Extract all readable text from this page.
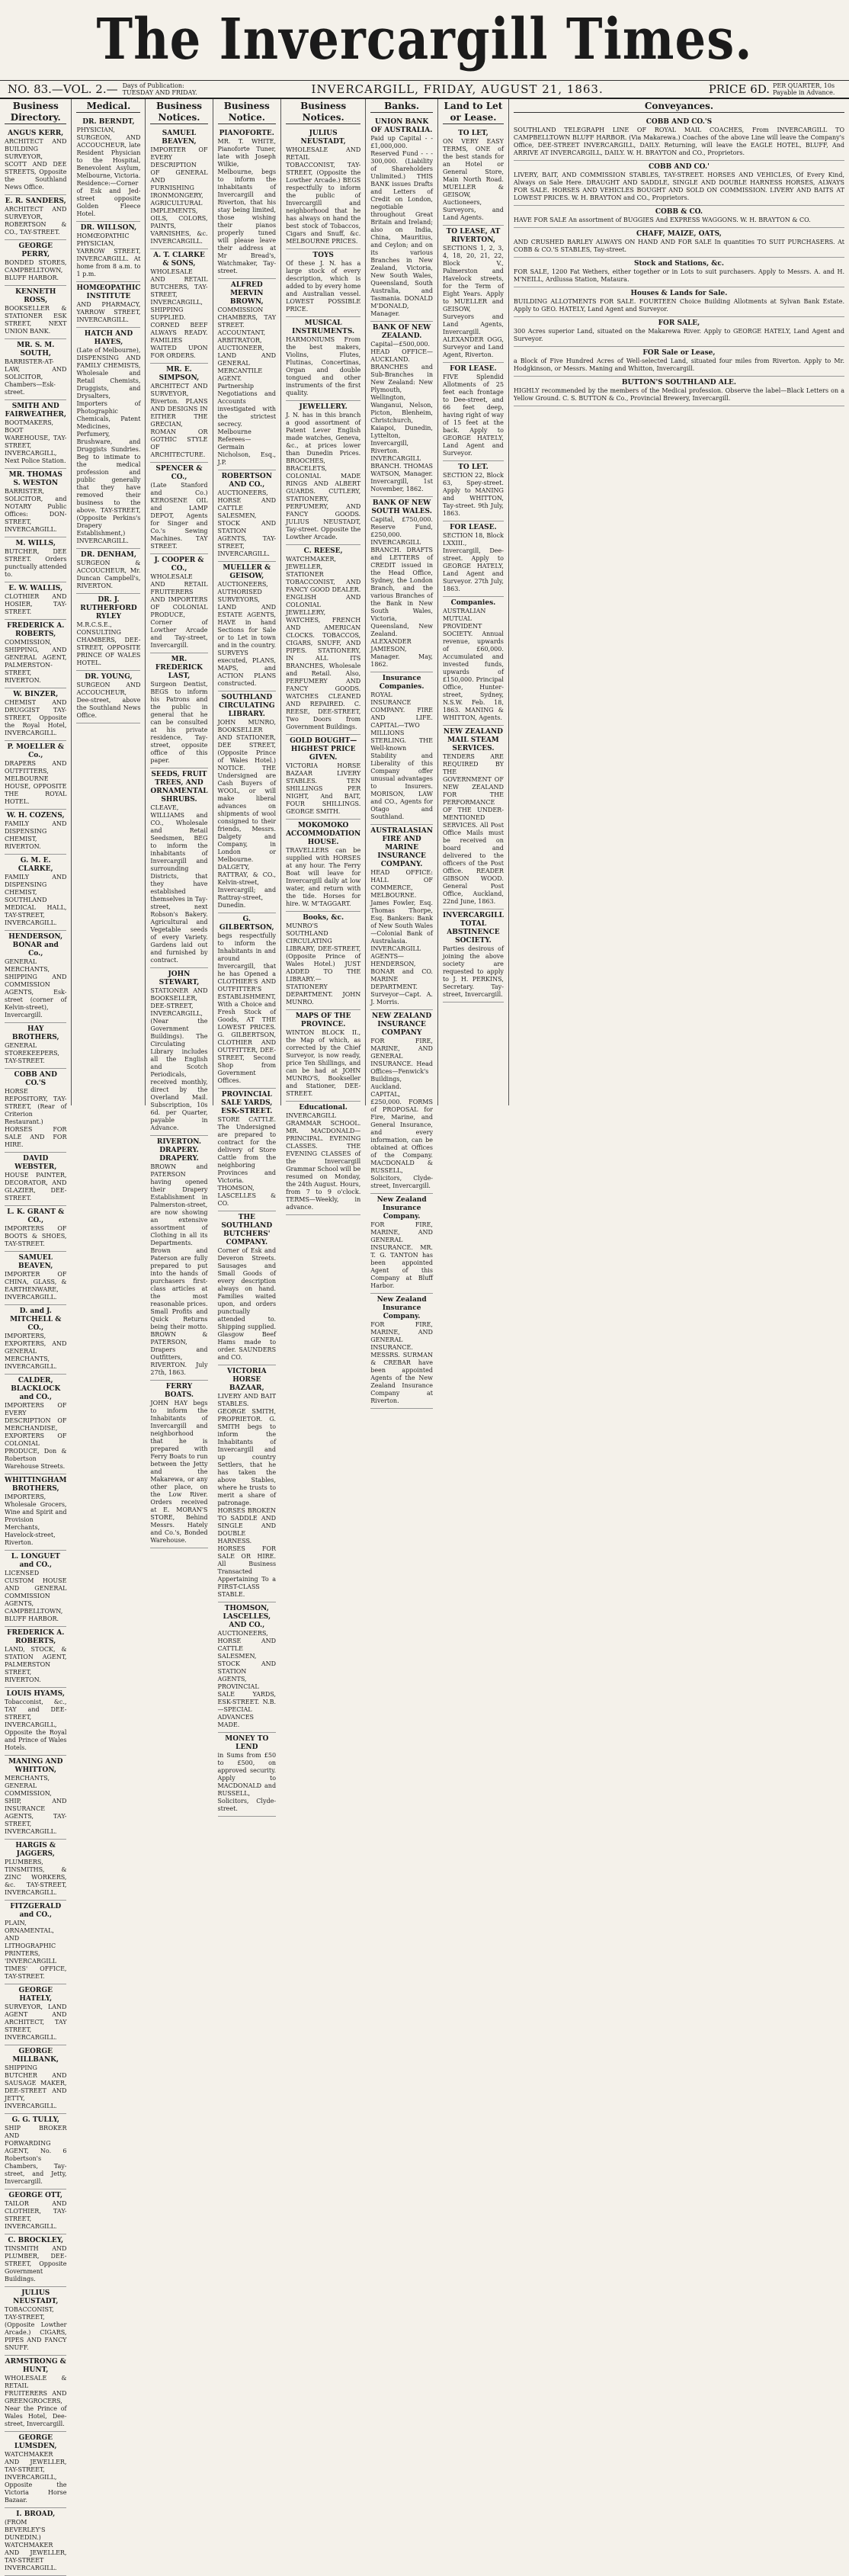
The Invercargill Times.
NO. 83.—VOL. 2.— Days of Publication: TUESDAY AND FRIDAY.	INVERCARGILL, FRIDAY, AUGUST 21, 1863.	PRICE 6D. PER QUARTER, 10s Payable in Advance.
Business Directory.
ANGUS KERR,
ARCHITECT AND BUILDING SURVEYOR, SCOTT AND DEE STREETS, Opposite the Southland News Office.
E. R. SANDERS,
ARCHITECT AND SURVEYOR, ROBERTSON & CO., TAY-STREET.
GEORGE PERRY,
BONDED STORES, CAMPBELLTOWN, BLUFF HARBOR.
KENNETH ROSS,
BOOKSELLER & STATIONER ESK STREET, NEXT UNION BANK.
MR. S. M. SOUTH,
BARRISTER-AT-LAW, AND SOLICITOR, Chambers—Esk-street.
SMITH AND FAIRWEATHER,
BOOTMAKERS, BOOT WAREHOUSE, TAY-STREET, INVERCARGILL, Next Police Station.
MR. THOMAS S. WESTON
BARRISTER, SOLICITOR, and NOTARY Public Offices: DON-STREET, INVERCARGILL.
M. WILLS,
BUTCHER, DEE STREET. Orders punctually attended to.
E. W. WALLIS,
CLOTHIER AND HOSIER, TAY-STREET.
FREDERICK A. ROBERTS,
COMMISSION, SHIPPING, AND GENERAL AGENT, PALMERSTON-STREET, RIVERTON.
W. BINZER,
CHEMIST AND DRUGGIST TAY-STREET, Opposite the Royal Hotel, INVERCARGILL.
P. MOELLER & Co.,
DRAPERS AND OUTFITTERS, MELBOURNE HOUSE, OPPOSITE THE ROYAL HOTEL.
W. H. COZENS,
FAMILY AND DISPENSING CHEMIST, RIVERTON.
G. M. E. CLARKE,
FAMILY AND DISPENSING CHEMIST, SOUTHLAND MEDICAL HALL, TAY-STREET, INVERCARGILL.
HENDERSON, BONAR and Co.,
GENERAL MERCHANTS, SHIPPING AND COMMISSION AGENTS, Esk-street (corner of Kelvin-street), Invercargill.
HAY BROTHERS,
GENERAL STOREKEEPERS, TAY-STREET.
COBB AND CO.'S
HORSE REPOSITORY, TAY-STREET, (Rear of Criterion Restaurant.) HORSES FOR SALE AND FOR HIRE.
DAVID WEBSTER,
HOUSE PAINTER, DECORATOR, AND GLAZIER, DEE-STREET.
L. K. GRANT & CO.,
IMPORTERS OF BOOTS & SHOES, TAY-STREET.
SAMUEL BEAVEN,
IMPORTER OF CHINA, GLASS, & EARTHENWARE, INVERCARGILL.
D. and J. MITCHELL & CO.,
IMPORTERS, EXPORTERS, AND GENERAL MERCHANTS, INVERCARGILL.
CALDER, BLACKLOCK and CO.,
IMPORTERS OF EVERY DESCRIPTION OF MERCHANDISE, EXPORTERS OF COLONIAL PRODUCE, Don & Robertson Warehouse Streets.
WHITTINGHAM BROTHERS,
IMPORTERS, Wholesale Grocers, Wine and Spirit and Provision Merchants, Havelock-street, Riverton.
L. LONGUET and CO.,
LICENSED CUSTOM HOUSE AND GENERAL COMMISSION AGENTS, CAMPBELLTOWN, BLUFF HARBOR.
FREDERICK A. ROBERTS,
LAND, STOCK, & STATION AGENT, PALMERSTON STREET, RIVERTON.
LOUIS HYAMS,
Tobacconist, &c., TAY and DEE-STREET, INVERCARGILL, Opposite the Royal and Prince of Wales Hotels.
MANING AND WHITTON,
MERCHANTS, GENERAL COMMISSION, SHIP, AND INSURANCE AGENTS, TAY-STREET, INVERCARGILL.
HARGIS & JAGGERS,
PLUMBERS, TINSMITHS, & ZINC WORKERS, &c. TAY-STREET, INVERCARGILL.
FITZGERALD and CO.,
PLAIN, ORNAMENTAL, AND LITHOGRAPHIC PRINTERS, 'INVERCARGILL TIMES' OFFICE, TAY-STREET.
GEORGE HATELY,
SURVEYOR, LAND AGENT AND ARCHITECT, TAY STREET, INVERCARGILL.
GEORGE MILLBANK,
SHIPPING BUTCHER AND SAUSAGE MAKER, DEE-STREET AND JETTY, INVERCARGILL.
G. G. TULLY,
SHIP BROKER AND FORWARDING AGENT, No. 6 Robertson's Chambers, Tay-street, and Jetty, Invercargill.
GEORGE OTT,
TAILOR AND CLOTHIER, TAY-STREET, INVERCARGILL.
C. BROCKLEY,
TINSMITH AND PLUMBER, DEE-STREET, Opposite Government Buildings.
JULIUS NEUSTADT,
TOBACCONIST, TAY-STREET, (Opposite Lowther Arcade.) CIGARS, PIPES AND FANCY SNUFF.
ARMSTRONG & HUNT,
WHOLESALE & RETAIL FRUITERERS AND GREENGROCERS, Near the Prince of Wales Hotel, Dee-street, Invercargill.
GEORGE LUMSDEN,
WATCHMAKER AND JEWELLER, TAY-STREET, INVERCARGILL, Opposite the Victoria Horse Bazaar.
I. BROAD,
(FROM BEVERLEY'S DUNEDIN.) WATCHMAKER AND JEWELLER, TAY-STREET INVERCARGILL.
Medical.
DR. BERNDT,
PHYSICIAN, SURGEON, AND ACCOUCHEUR, late Resident Physician to the Hospital, Benevolent Asylum, Melbourne, Victoria. Residence:—Corner of Esk and Jed-street opposite Golden Fleece Hotel.
DR. WILLSON,
HOMŒOPATHIC PHYSICIAN, YARROW STREET, INVERCARGILL. At home from 8 a.m. to 1 p.m.
HOMŒOPATHIC INSTITUTE
AND PHARMACY, YARROW STREET, INVERCARGILL.
HATCH AND HAYES,
(Late of Melbourne), DISPENSING AND FAMILY CHEMISTS, Wholesale and Retail Chemists, Druggists, and Drysalters, Importers of Photographic Chemicals, Patent Medicines, Perfumery, Brushware, and Druggists Sundries. Beg to intimate to the medical profession and public generally that they have removed their business to the above. TAY-STREET, (Opposite Perkins's Drapery Establishment,) INVERCARGILL.
DR. DENHAM,
SURGEON & ACCOUCHEUR, Mr. Duncan Campbell's, RIVERTON.
DR. J. RUTHERFORD RYLEY
M.R.C.S.E., CONSULTING CHAMBERS, DEE-STREET, OPPOSITE PRINCE OF WALES HOTEL.
DR. YOUNG,
SURGEON AND ACCOUCHEUR, Dee-street, above the Southland News Office.
Business Notices.
SAMUEL BEAVEN,
IMPORTER OF EVERY DESCRIPTION OF GENERAL AND FURNISHING IRONMONGERY, AGRICULTURAL IMPLEMENTS, OILS, COLORS, PAINTS, VARNISHES, &c. INVERCARGILL.
A. T. CLARKE & SONS,
WHOLESALE AND RETAIL BUTCHERS, TAY-STREET, INVERCARGILL, SHIPPING SUPPLIED. CORNED BEEF ALWAYS READY. FAMILIES WAITED UPON FOR ORDERS.
MR. E. SIMPSON,
ARCHITECT AND SURVEYOR, Riverton. PLANS AND DESIGNS IN EITHER THE GRECIAN, ROMAN OR GOTHIC STYLE OF ARCHITECTURE.
SPENCER & CO.,
(Late Stanford and Co.) KEROSENE OIL and LAMP DEPOT, Agents for Singer and Co.'s Sewing Machines. TAY STREET.
J. COOPER & CO.,
WHOLESALE AND RETAIL FRUITERERS AND IMPORTERS OF COLONIAL PRODUCE, Corner of Lowther Arcade and Tay-street, Invercargill.
MR. FREDERICK LAST,
Surgeon Dentist, BEGS to inform his Patrons and the public in general that he can be consulted at his private residence, Tay-street, opposite office of this paper.
SEEDS, FRUIT TREES, AND ORNAMENTAL SHRUBS.
CLEAVE, WILLIAMS and CO., Wholesale and Retail Seedsmen, BEG to inform the inhabitants of Invercargill and surrounding Districts, that they have established themselves in Tay-street, next Robson's Bakery. Agricultural and Vegetable seeds of every Variety. Gardens laid out and furnished by contract.
JOHN STEWART,
STATIONER AND BOOKSELLER, DEE-STREET, INVERCARGILL, (Near the Government Buildings). The Circulating Library includes all the English and Scotch Periodicals, received monthly, direct by the Overland Mail. Subscription, 10s 6d. per Quarter, payable in Advance.
RIVERTON. DRAPERY. DRAPERY.
BROWN and PATERSON having opened their Drapery Establishment in Palmerston-street, are now showing an extensive assortment of Clothing in all its Departments. Brown and Paterson are fully prepared to put into the hands of purchasers first-class articles at the most reasonable prices. Small Profits and Quick Returns being their motto. BROWN & PATERSON, Drapers and Outfitters, RIVERTON. July 27th, 1863.
FERRY BOATS.
JOHN HAY begs to inform the Inhabitants of Invercargill and neighborhood that he is prepared with Ferry Boats to run between the Jetty and the Makarewa, or any other place, on the Low River. Orders received at E. MORAN'S STORE, Behind Messrs. Hately and Co.'s, Bonded Warehouse.
Business Notice.
PIANOFORTE.
MR. T. WHITE, Pianoforte Tuner, late with Joseph Wilkie, Melbourne, begs to inform the inhabitants of Invercargill and Riverton, that his stay being limited, those wishing their pianos properly tuned will please leave their address at Mr Bread's, Watchmaker, Tay-street.
ALFRED MERVIN BROWN,
COMMISSION CHAMBERS, TAY STREET. ACCOUNTANT, ARBITRATOR, AUCTIONEER, LAND AND GENERAL MERCANTILE AGENT. Partnership Negotiations and Accounts investigated with the strictest secrecy. Melbourne Referees—Germain Nicholson, Esq., J.P.
ROBERTSON AND CO.,
AUCTIONEERS, HORSE AND CATTLE SALESMEN, STOCK AND STATION AGENTS, TAY-STREET, INVERCARGILL.
MUELLER & GEISOW,
AUCTIONEERS, AUTHORISED SURVEYORS, LAND AND ESTATE AGENTS, HAVE in hand Sections for Sale or to Let in town and in the country. SURVEYS executed, PLANS, MAPS, and ACTION PLANS constructed.
SOUTHLAND CIRCULATING LIBRARY.
JOHN MUNRO, BOOKSELLER AND STATIONER, DEE STREET, (Opposite Prince of Wales Hotel.) NOTICE. THE Undersigned are Cash Buyers of WOOL, or will make liberal advances on shipments of wool consigned to their friends, Messrs. Dalgety and Company, in London or Melbourne. DALGETY, RATTRAY, & CO., Kelvin-street, Invercargill; and Rattray-street, Dunedin.
G. GILBERTSON,
begs respectfully to inform the Inhabitants in and around Invercargill, that he has Opened a CLOTHIER'S AND OUTFITTER'S ESTABLISHMENT, With a Choice and Fresh Stock of Goods, AT THE LOWEST PRICES. G. GILBERTSON, CLOTHIER AND OUTFITTER, DEE-STREET, Second Shop from Government Offices.
PROVINCIAL SALE YARDS, ESK-STREET.
STORE CATTLE. The Undersigned are prepared to contract for the delivery of Store Cattle from the neighboring Provinces and Victoria. THOMSON, LASCELLES & CO.
THE SOUTHLAND BUTCHERS' COMPANY.
Corner of Esk and Deveron Streets. Sausages and Small Goods of every description always on hand. Families waited upon, and orders punctually attended to. Shipping supplied. Glasgow Beef Hams made to order. SAUNDERS and CO.
VICTORIA HORSE BAZAAR,
LIVERY AND BAIT STABLES. GEORGE SMITH, PROPRIETOR. G. SMITH begs to inform the Inhabitants of Invercargill and up country Settlers, that he has taken the above Stables, where he trusts to merit a share of patronage. HORSES BROKEN TO SADDLE AND SINGLE AND DOUBLE HARNESS. HORSES FOR SALE OR HIRE. All Business Transacted Appertaining To a FIRST-CLASS STABLE.
THOMSON, LASCELLES, AND CO.,
AUCTIONEERS, HORSE AND CATTLE SALESMEN, STOCK AND STATION AGENTS, PROVINCIAL SALE YARDS, ESK-STREET. N.B.—SPECIAL ADVANCES MADE.
MONEY TO LEND
in Sums from £50 to £500, on approved security. Apply to MACDONALD and RUSSELL, Solicitors, Clyde-street.
Business Notices.
JULIUS NEUSTADT,
WHOLESALE AND RETAIL TOBACCONIST, TAY-STREET, (Opposite the Lowther Arcade.) BEGS respectfully to inform the public of Invercargill and neighborhood that he has always on hand the best stock of Tobaccos, Cigars and Snuff, &c. MELBOURNE PRICES.
TOYS
Of these J. N. has a large stock of every description, which is added to by every home and Australian vessel. LOWEST POSSIBLE PRICE.
MUSICAL INSTRUMENTS.
HARMONIUMS From the best makers, Violins, Flutes, Flutinas, Concertinas, Organ and double tongued and other instruments of the first quality.
JEWELLERY.
J. N. has in this branch a good assortment of Patent Lever English made watches, Geneva, &c., at prices lower than Dunedin Prices. BROOCHES, BRACELETS, COLONIAL MADE RINGS AND ALBERT GUARDS. CUTLERY, STATIONERY, PERFUMERY, AND FANCY GOODS. JULIUS NEUSTADT, Tay-street. Opposite the Lowther Arcade.
C. REESE,
WATCHMAKER, JEWELLER, STATIONER TOBACCONIST, AND FANCY GOOD DEALER. ENGLISH AND COLONIAL JEWELLERY, WATCHES, FRENCH AND AMERICAN CLOCKS. TOBACCOS, CIGARS, SNUFF, AND PIPES. STATIONERY, IN ALL ITS BRANCHES, Wholesale and Retail. Also, PERFUMERY AND FANCY GOODS. WATCHES CLEANED AND REPAIRED. C. REESE, DEE-STREET, Two Doors from Government Buildings.
GOLD BOUGHT—HIGHEST PRICE GIVEN.
VICTORIA HORSE BAZAAR LIVERY STABLES. TEN SHILLINGS PER NIGHT, And BAIT, FOUR SHILLINGS. GEORGE SMITH.
MOKOMOKO ACCOMMODATION HOUSE.
TRAVELLERS can be supplied with HORSES at any hour. The Ferry Boat will leave for Invercargill daily at low water, and return with the tide. Horses for hire. W. M'TAGGART.
Books, &c.
MUNRO'S SOUTHLAND CIRCULATING LIBRARY, DEE-STREET, (Opposite Prince of Wales Hotel.) JUST ADDED TO THE LIBRARY.—STATIONERY DEPARTMENT. JOHN MUNRO.
MAPS OF THE PROVINCE.
WINTON BLOCK II., the Map of which, as corrected by the Chief Surveyor, is now ready, price Ten Shillings, and can be had at JOHN MUNRO'S, Bookseller and Stationer, DEE-STREET.
Educational.
INVERCARGILL GRAMMAR SCHOOL. MR. MACDONALD—PRINCIPAL. EVENING CLASSES. THE EVENING CLASSES of the Invercargill Grammar School will be resumed on Monday, the 24th August. Hours, from 7 to 9 o'clock. TERMS—Weekly, in advance.
Banks.
UNION BANK OF AUSTRALIA.
Paid up Capital - - £1,000,000. Reserved Fund - - - 300,000. (Liability of Shareholders Unlimited.) THIS BANK issues Drafts and Letters of Credit on London, negotiable throughout Great Britain and Ireland; also on India, China, Mauritius, and Ceylon; and on its various Branches in New Zealand, Victoria, New South Wales, Queensland, South Australia, and Tasmania. DONALD M'DONALD, Manager.
BANK OF NEW ZEALAND.
Capital—£500,000. HEAD OFFICE—AUCKLAND. BRANCHES and Sub-Branches in New Zealand: New Plymouth, Wellington, Wanganui, Nelson, Picton, Blenheim, Christchurch, Kaiapoi, Dunedin, Lyttelton, Invercargill, Riverton. INVERCARGILL BRANCH. THOMAS WATSON, Manager. Invercargill, 1st November, 1862.
BANK OF NEW SOUTH WALES.
Capital, £750,000. Reserve Fund, £250,000. INVERCARGILL BRANCH. DRAFTS and LETTERS of CREDIT issued in the Head Office, Sydney, the London Branch, and the various Branches of the Bank in New South Wales, Victoria, Queensland, New Zealand. ALEXANDER JAMIESON, Manager. May, 1862.
Insurance Companies.
ROYAL INSURANCE COMPANY. FIRE AND LIFE. CAPITAL—TWO MILLIONS STERLING. THE Well-known Stability and Liberality of this Company offer unusual advantages to Insurers. MORISON, LAW and CO., Agents for Otago and Southland.
AUSTRALASIAN FIRE AND MARINE INSURANCE COMPANY.
HEAD OFFICE: HALL OF COMMERCE, MELBOURNE. James Fowler, Esq. Thomas Thorpe, Esq. Bankers: Bank of New South Wales—Colonial Bank of Australasia. INVERCARGILL AGENTS—HENDERSON, BONAR and CO. MARINE DEPARTMENT. Surveyor—Capt. A. J. Morris.
NEW ZEALAND INSURANCE COMPANY
FOR FIRE, MARINE, AND GENERAL INSURANCE. Head Offices—Fenwick's Buildings, Auckland. CAPITAL, £250,000. FORMS of PROPOSAL for Fire, Marine, and General Insurance, and every information, can be obtained at Offices of the Company. MACDONALD & RUSSELL, Solicitors, Clyde-street, Invercargill.
New Zealand Insurance Company.
FOR FIRE, MARINE, AND GENERAL INSURANCE. MR. T. G. TANTON has been appointed Agent of this Company at Bluff Harbor.
New Zealand Insurance Company.
FOR FIRE, MARINE, AND GENERAL INSURANCE. MESSRS. SURMAN & CREBAR have been appointed Agents of the New Zealand Insurance Company at Riverton.
Land to Let or Lease.
TO LET,
ON VERY EASY TERMS, ONE of the best stands for an Hotel or General Store, Main North Road. MUELLER & GEISOW, Auctioneers, Surveyors, and Land Agents.
TO LEASE, AT RIVERTON,
SECTIONS 1, 2, 3, 4, 18, 20, 21, 22, Block V., Palmerston and Havelock streets, for the Term of Eight Years. Apply to MUELLER and GEISOW, Surveyors and Land Agents, Invercargill. ALEXANDER OGG, Surveyor and Land Agent, Riverton.
FOR LEASE.
FIVE Splendid Allotments of 25 feet each frontage to Dee-street, and 66 feet deep, having right of way of 15 feet at the back. Apply to GEORGE HATELY, Land Agent and Surveyor.
TO LET.
SECTION 22, Block 63, Spey-street. Apply to MANING and WHITTON, Tay-street. 9th July, 1863.
FOR LEASE.
SECTION 18, Block LXXIII., Invercargill, Dee-street. Apply to GEORGE HATELY, Land Agent and Surveyor. 27th July, 1863.
Companies.
AUSTRALIAN MUTUAL PROVIDENT SOCIETY. Annual revenue, upwards of £60,000. Accumulated and invested funds, upwards of £150,000. Principal Office, Hunter-street, Sydney, N.S.W. Feb. 18, 1863. MANING & WHITTON, Agents.
NEW ZEALAND MAIL STEAM SERVICES.
TENDERS ARE REQUIRED BY THE GOVERNMENT OF NEW ZEALAND FOR THE PERFORMANCE OF THE UNDER-MENTIONED SERVICES. All Post Office Mails must be received on board and delivered to the officers of the Post Office. READER GIBSON WOOD. General Post Office, Auckland, 22nd June, 1863.
INVERCARGILL TOTAL ABSTINENCE SOCIETY.
Parties desirous of joining the above society are requested to apply to J. H. PERKINS, Secretary. Tay-street, Invercargill.
Conveyances.
COBB AND CO.'S
SOUTHLAND TELEGRAPH LINE OF ROYAL MAIL COACHES, From INVERCARGILL TO CAMPBELLTOWN BLUFF HARBOR. (Via Makarewa.) Coaches of the above Line will leave the Company's Office, DEE-STREET INVERCARGILL, DAILY. Returning, will leave the EAGLE HOTEL, BLUFF, And ARRIVE AT INVERCARGILL, DAILY. W. H. BRAYTON and CO., Proprietors.
COBB AND CO.'
LIVERY, BAIT, AND COMMISSION STABLES, TAY-STREET. HORSES AND VEHICLES, Of Every Kind, Always on Sale Here. DRAUGHT AND SADDLE, SINGLE AND DOUBLE HARNESS HORSES, ALWAYS FOR SALE. HORSES AND VEHICLES BOUGHT AND SOLD ON COMMISSION. LIVERY AND BAITS AT LOWEST PRICES. W. H. BRAYTON and CO., Proprietors.
COBB & CO.
HAVE FOR SALE An assortment of BUGGIES And EXPRESS WAGGONS. W. H. BRAYTON & CO.
CHAFF, MAIZE, OATS,
AND CRUSHED BARLEY ALWAYS ON HAND AND FOR SALE In quantities TO SUIT PURCHASERS. At COBB & CO.'S STABLES, Tay-street.
Stock and Stations, &c.
FOR SALE, 1200 Fat Wethers, either together or in Lots to suit purchasers. Apply to Messrs. A. and H. M'NEILL, Ardlussa Station, Mataura.
Houses & Lands for Sale.
BUILDING ALLOTMENTS FOR SALE. FOURTEEN Choice Building Allotments at Sylvan Bank Estate. Apply to GEO. HATELY, Land Agent and Surveyor.
FOR SALE,
300 Acres superior Land, situated on the Makarewa River. Apply to GEORGE HATELY, Land Agent and Surveyor.
FOR Sale or Lease,
a Block of Five Hundred Acres of Well-selected Land, situated four miles from Riverton. Apply to Mr. Hodgkinson, or Messrs. Maning and Whitton, Invercargill.
BUTTON'S SOUTHLAND ALE.
HIGHLY recommended by the members of the Medical profession. Observe the label—Black Letters on a Yellow Ground. C. S. BUTTON & Co., Provincial Brewery, Invercargill.
